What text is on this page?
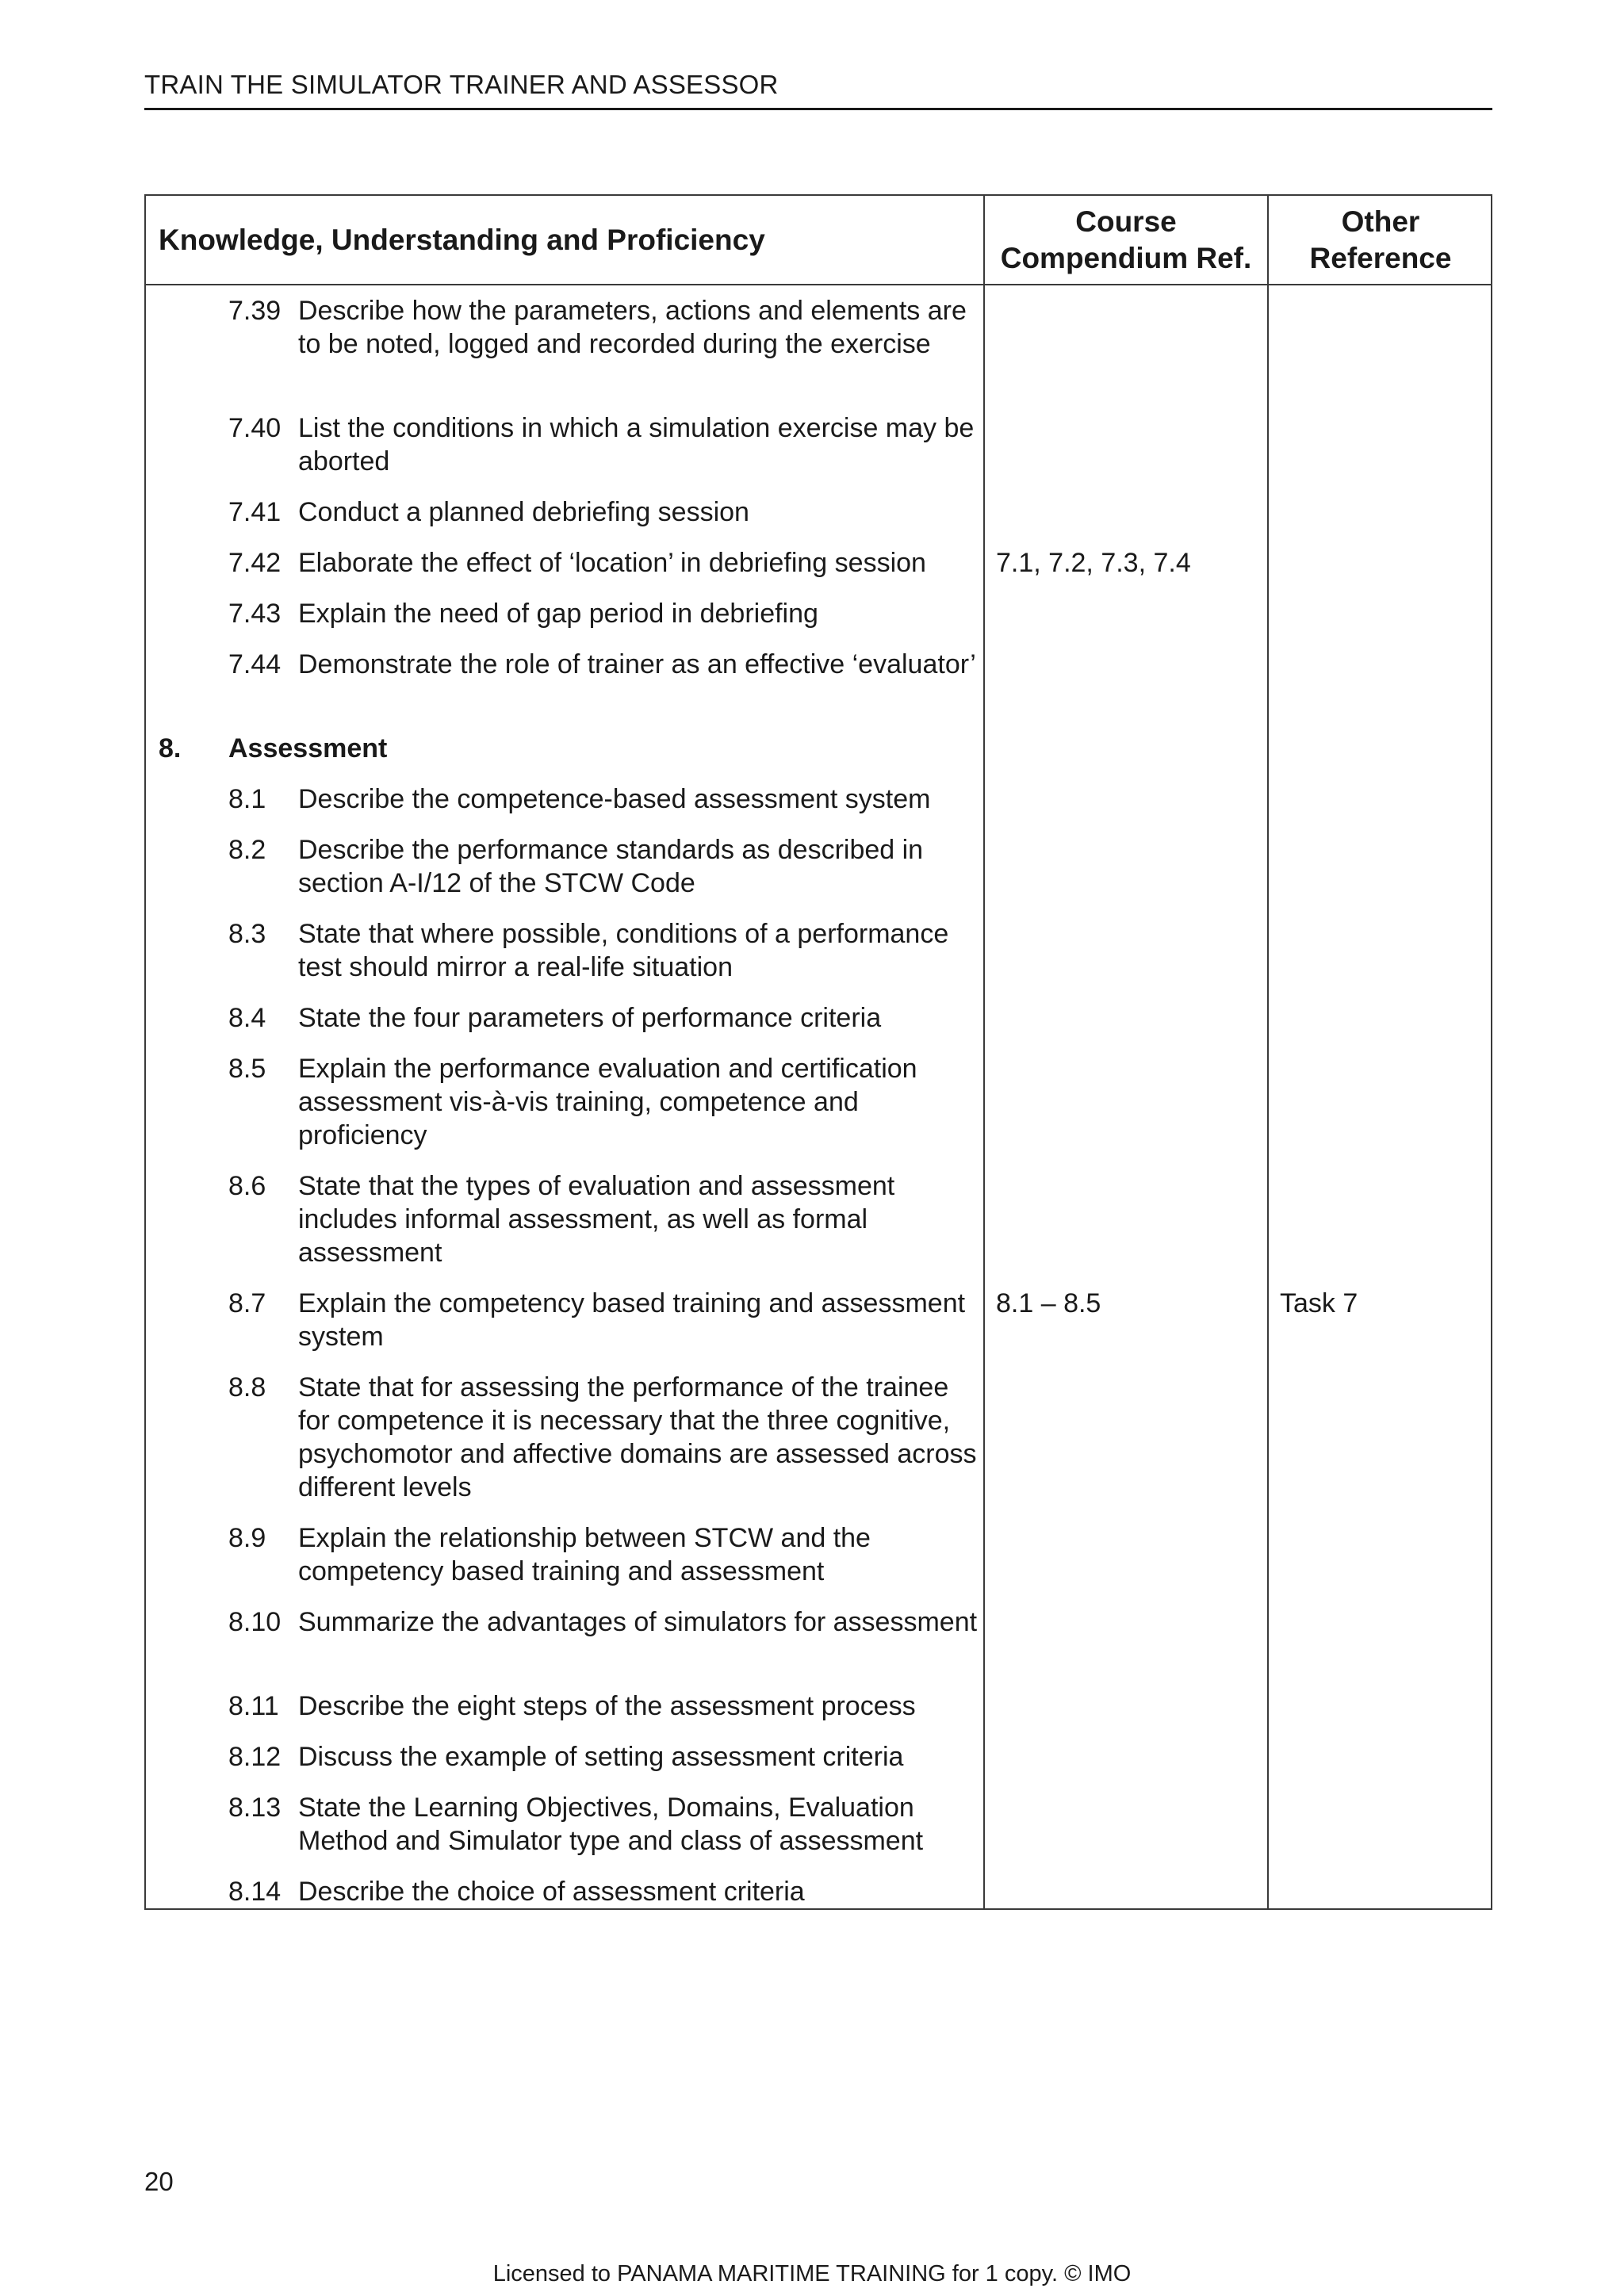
TRAIN THE SIMULATOR TRAINER AND ASSESSOR
Knowledge, Understanding and Proficiency
Course
Compendium Ref.
Other
Reference
7.39 Describe how the parameters, actions and elements are to be noted, logged and recorded during the exercise
7.40 List the conditions in which a simulation exercise may be aborted
7.41 Conduct a planned debriefing session
7.42 Elaborate the effect of ‘location’ in debriefing session
7.43 Explain the need of gap period in debriefing
7.44 Demonstrate the role of trainer as an effective ‘evaluator’
8. Assessment
8.1 Describe the competence-based assessment system
8.2 Describe the performance standards as described in section A-I/12 of the STCW Code
8.3 State that where possible, conditions of a performance test should mirror a real-life situation
8.4 State the four parameters of performance criteria
8.5 Explain the performance evaluation and certification assessment vis-à-vis training, competence and proficiency
8.6 State that the types of evaluation and assessment includes informal assessment, as well as formal assessment
8.7 Explain the competency based training and assessment system
8.8 State that for assessing the performance of the trainee for competence it is necessary that the three cognitive, psychomotor and affective domains are assessed across different levels
8.9 Explain the relationship between STCW and the competency based training and assessment
8.10 Summarize the advantages of simulators for assessment
8.11 Describe the eight steps of the assessment process
8.12 Discuss the example of setting assessment criteria
8.13 State the Learning Objectives, Domains, Evaluation Method and Simulator type and class of assessment
8.14 Describe the choice of assessment criteria
7.1, 7.2, 7.3, 7.4
8.1 – 8.5	Task 7
20
Licensed to PANAMA MARITIME TRAINING for 1 copy. © IMO
